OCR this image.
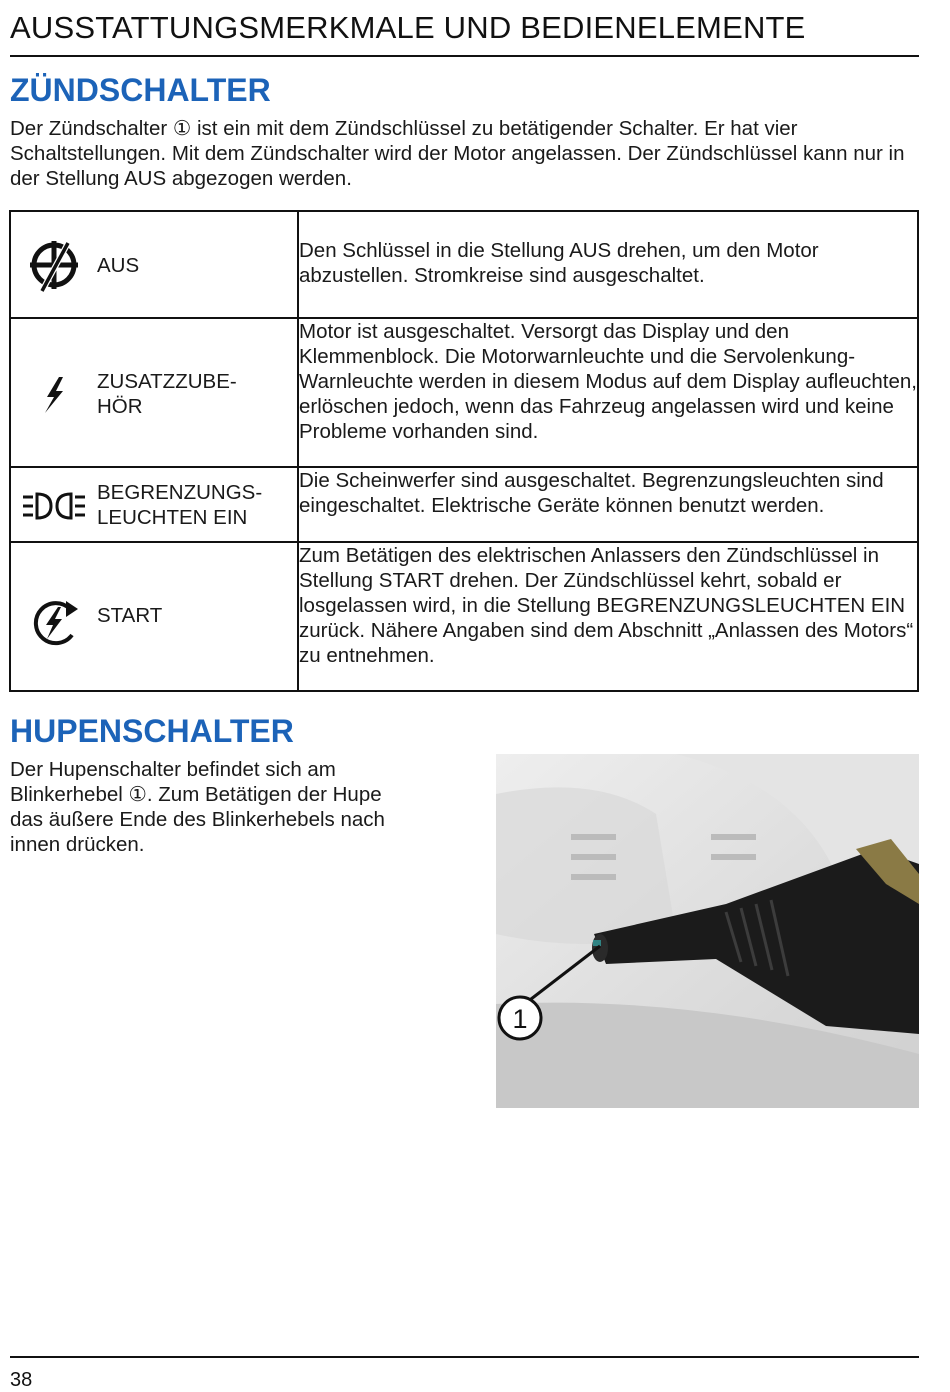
AUSSTATTUNGSMERKMALE UND BEDIENELEMENTE
ZÜNDSCHALTER
Der Zündschalter ① ist ein mit dem Zündschlüssel zu betätigender Schalter. Er hat vier Schaltstellungen. Mit dem Zündschalter wird der Motor angelassen. Der Zündschlüssel kann nur in der Stellung AUS abgezogen werden.
AUS	Den Schlüssel in die Stellung AUS drehen, um den Motor abzustellen. Stromkreise sind ausgeschaltet.

ZUSATZZUBE-
HÖR	Motor ist ausgeschaltet. Versorgt das Display und den Klemmenblock. Die Motorwarnleuchte und die Servolenkung-Warnleuchte werden in diesem Modus auf dem Display aufleuchten, erlöschen jedoch, wenn das Fahrzeug angelassen wird und keine Probleme vorhanden sind.

BEGRENZUNGS-
LEUCHTEN EIN	Die Scheinwerfer sind ausgeschaltet. Begrenzungsleuchten sind eingeschaltet. Elektrische Geräte können benutzt werden.

START	Zum Betätigen des elektrischen Anlassers den Zündschlüssel in Stellung START drehen. Der Zündschlüssel kehrt, sobald er losgelassen wird, in die Stellung BEGRENZUNGSLEUCHTEN EIN zurück. Nähere Angaben sind dem Abschnitt „Anlassen des Motors“ zu entnehmen.
HUPENSCHALTER
Der Hupenschalter befindet sich am Blinkerhebel ①. Zum Betätigen der Hupe das äußere Ende des Blinkerhebels nach innen drücken.
1
38
